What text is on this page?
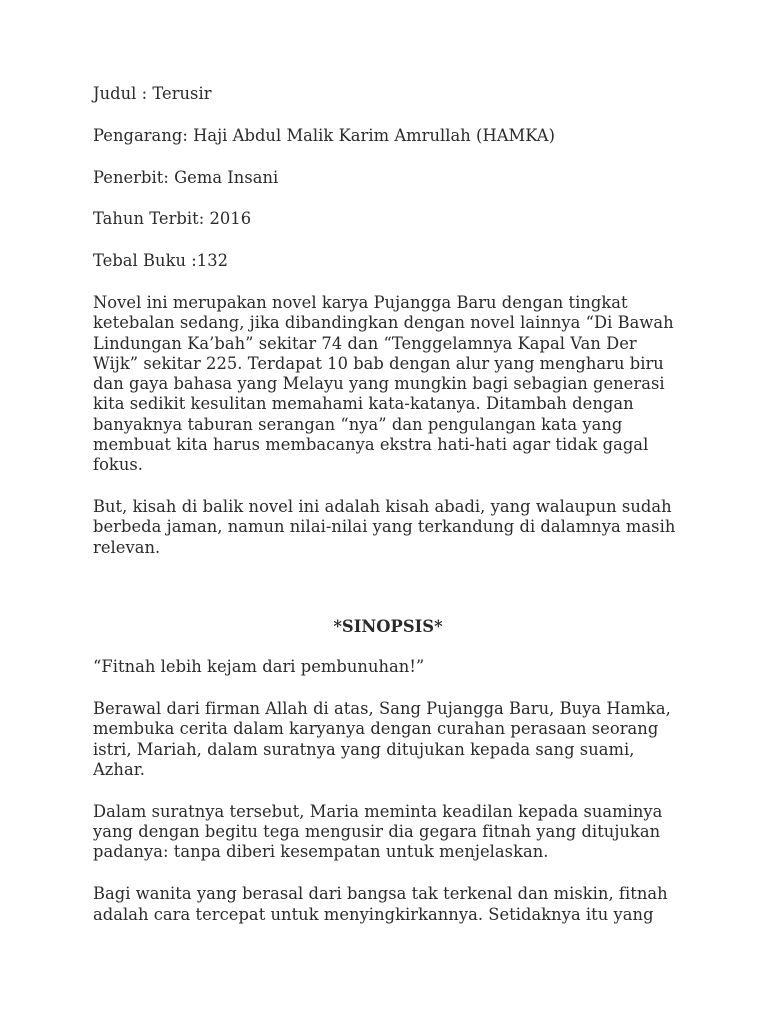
Judul : Terusir

Pengarang: Haji Abdul Malik Karim Amrullah (HAMKA)

Penerbit: Gema Insani

Tahun Terbit: 2016

Tebal Buku :132

Novel ini merupakan novel karya Pujangga Baru dengan tingkat ketebalan sedang, jika dibandingkan dengan novel lainnya “Di Bawah Lindungan Ka’bah” sekitar 74 dan “Tenggelamnya Kapal Van Der Wijk” sekitar 225. Terdapat 10 bab dengan alur yang mengharu biru dan gaya bahasa yang Melayu yang mungkin bagi sebagian generasi kita sedikit kesulitan memahami kata-katanya. Ditambah dengan banyaknya taburan serangan “nya” dan pengulangan kata yang membuat kita harus membacanya ekstra hati-hati agar tidak gagal fokus.

But, kisah di balik novel ini adalah kisah abadi, yang walaupun sudah berbeda jaman, namun nilai-nilai yang terkandung di dalamnya masih relevan.

*SINOPSIS*

“Fitnah lebih kejam dari pembunuhan!”

Berawal dari firman Allah di atas, Sang Pujangga Baru, Buya Hamka, membuka cerita dalam karyanya dengan curahan perasaan seorang istri, Mariah, dalam suratnya yang ditujukan kepada sang suami, Azhar.

Dalam suratnya tersebut, Maria meminta keadilan kepada suaminya yang dengan begitu tega mengusir dia gegara fitnah yang ditujukan padanya: tanpa diberi kesempatan untuk menjelaskan.

Bagi wanita yang berasal dari bangsa tak terkenal dan miskin, fitnah adalah cara tercepat untuk menyingkirkannya. Setidaknya itu yang
